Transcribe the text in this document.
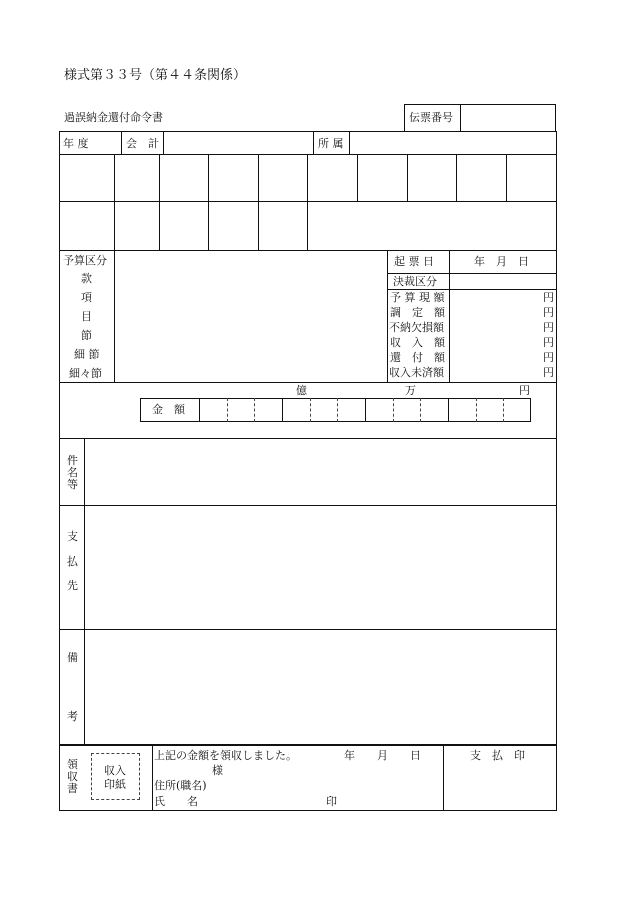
様式第３３号（第４４条関係）
過誤納金還付命令書	伝票番号
年 度	会　計	所 属
予算区分
款
項
目
節
細 節
細々節
起 票 日	年　月　日
決裁区分
予 算 現 額	円
調　定　額	円
不納欠損額	円
収　入　額	円
還　付　額	円
収入未済額	円
億	万	円
金　額
件
名
等
支
払
先
備
考
領
収
書
収入
印紙
上記の金額を領収しました。	年　　月　　日
様
住所(職名)
氏　　名	印
支　払　印
